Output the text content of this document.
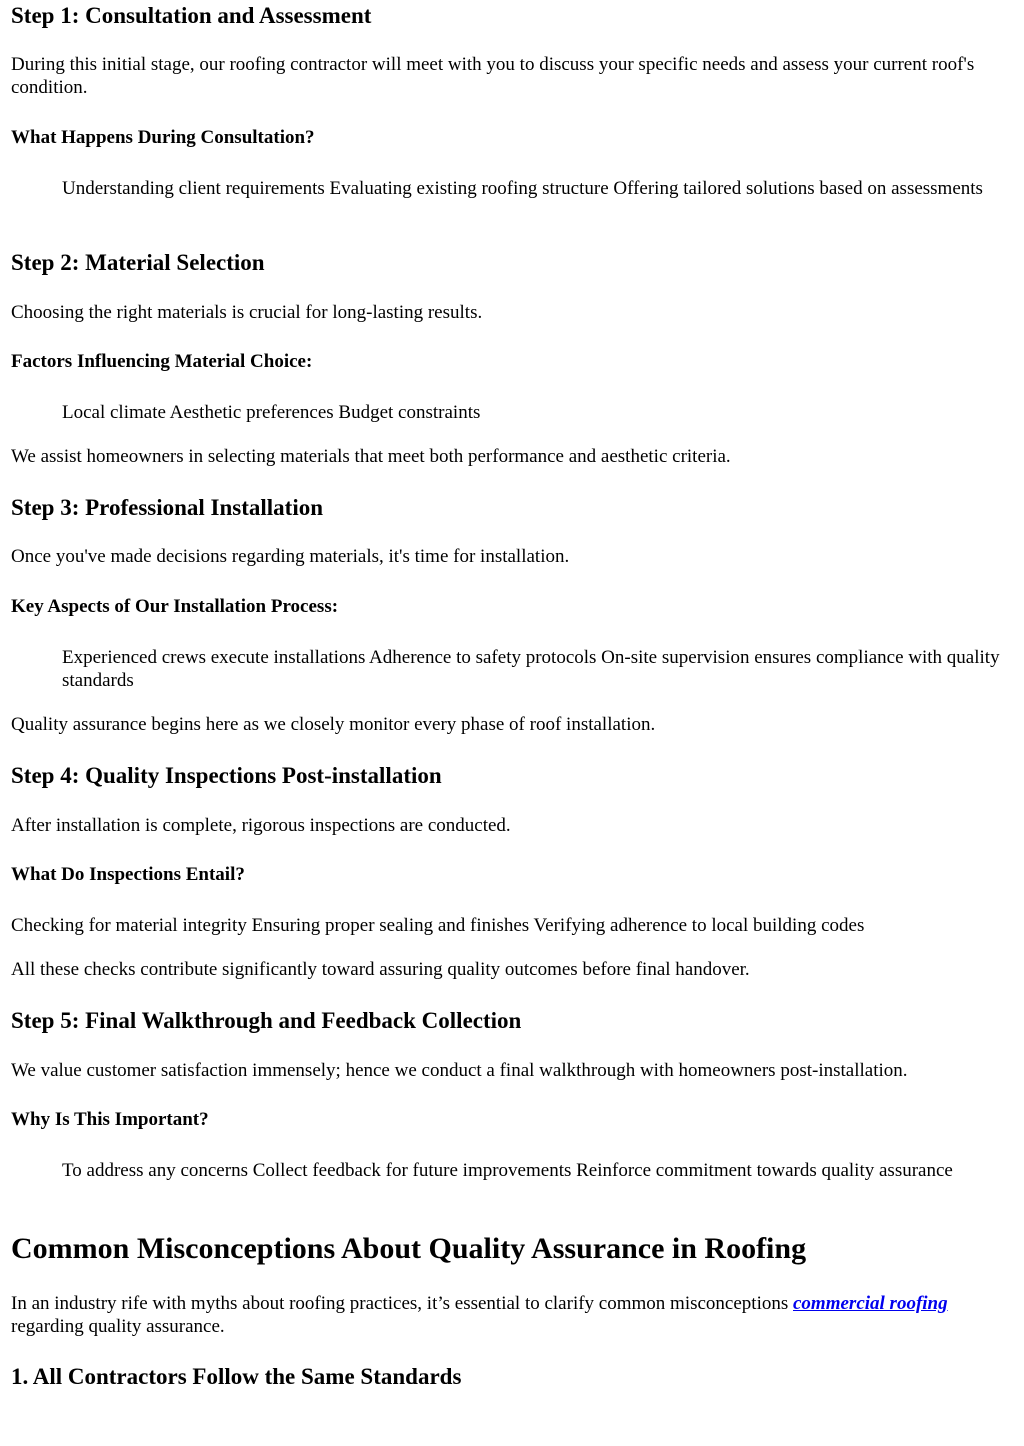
Step 1: Consultation and Assessment

During this initial stage, our roofing contractor will meet with you to discuss your specific needs and assess your current roof's condition.

What Happens During Consultation?

Understanding client requirements Evaluating existing roofing structure Offering tailored solutions based on assessments

Step 2: Material Selection

Choosing the right materials is crucial for long-lasting results.

Factors Influencing Material Choice:

Local climate Aesthetic preferences Budget constraints

We assist homeowners in selecting materials that meet both performance and aesthetic criteria.

Step 3: Professional Installation

Once you've made decisions regarding materials, it's time for installation.

Key Aspects of Our Installation Process:

Experienced crews execute installations Adherence to safety protocols On-site supervision ensures compliance with quality standards

Quality assurance begins here as we closely monitor every phase of roof installation.

Step 4: Quality Inspections Post-installation

After installation is complete, rigorous inspections are conducted.

What Do Inspections Entail?

Checking for material integrity Ensuring proper sealing and finishes Verifying adherence to local building codes

All these checks contribute significantly toward assuring quality outcomes before final handover.

Step 5: Final Walkthrough and Feedback Collection

We value customer satisfaction immensely; hence we conduct a final walkthrough with homeowners post-installation.

Why Is This Important?

To address any concerns Collect feedback for future improvements Reinforce commitment towards quality assurance

Common Misconceptions About Quality Assurance in Roofing

In an industry rife with myths about roofing practices, it’s essential to clarify common misconceptions commercial roofing regarding quality assurance.

1. All Contractors Follow the Same Standards
